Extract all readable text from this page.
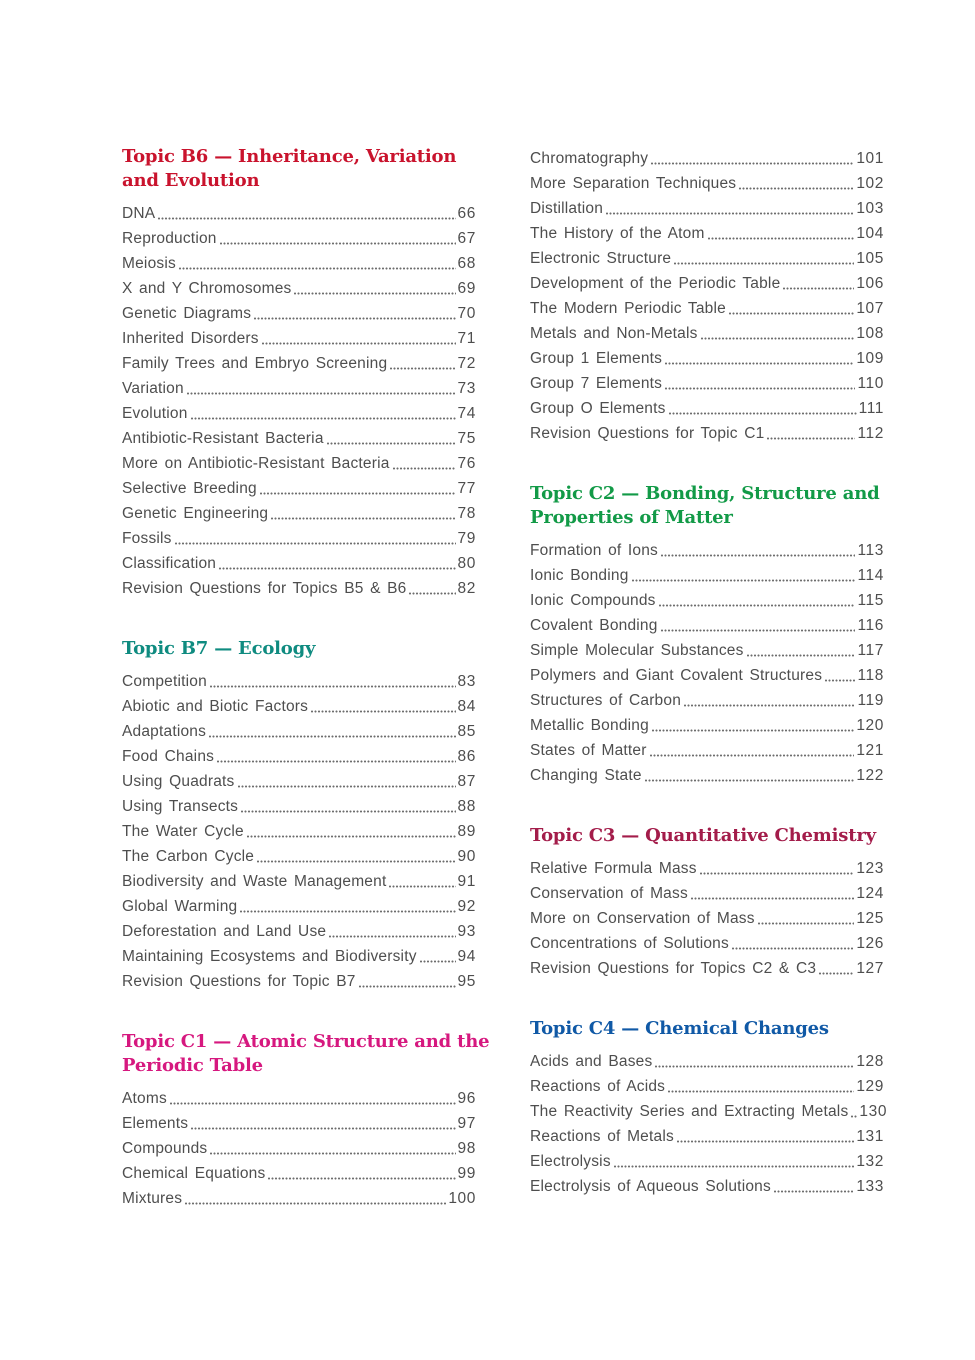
Topic B6 — Inheritance, Variation and Evolution
DNA	66
Reproduction	67
Meiosis	68
X and Y Chromosomes	69
Genetic Diagrams	70
Inherited Disorders	71
Family Trees and Embryo Screening	72
Variation	73
Evolution	74
Antibiotic-Resistant Bacteria	75
More on Antibiotic-Resistant Bacteria	76
Selective Breeding	77
Genetic Engineering	78
Fossils	79
Classification	80
Revision Questions for Topics B5 & B6	82
Topic B7 — Ecology
Competition	83
Abiotic and Biotic Factors	84
Adaptations	85
Food Chains	86
Using Quadrats	87
Using Transects	88
The Water Cycle	89
The Carbon Cycle	90
Biodiversity and Waste Management	91
Global Warming	92
Deforestation and Land Use	93
Maintaining Ecosystems and Biodiversity	94
Revision Questions for Topic B7	95
Topic C1 — Atomic Structure and the Periodic Table
Atoms	96
Elements	97
Compounds	98
Chemical Equations	99
Mixtures	100
Chromatography	101
More Separation Techniques	102
Distillation	103
The History of the Atom	104
Electronic Structure	105
Development of the Periodic Table	106
The Modern Periodic Table	107
Metals and Non-Metals	108
Group 1 Elements	109
Group 7 Elements	110
Group O Elements	111
Revision Questions for Topic C1	112
Topic C2 — Bonding, Structure and Properties of Matter
Formation of Ions	113
Ionic Bonding	114
Ionic Compounds	115
Covalent Bonding	116
Simple Molecular Substances	117
Polymers and Giant Covalent Structures 118
Structures of Carbon	119
Metallic Bonding	120
States of Matter	121
Changing State	122
Topic C3 — Quantitative Chemistry
Relative Formula Mass	123
Conservation of Mass	124
More on Conservation of Mass	125
Concentrations of Solutions	126
Revision Questions for Topics C2 & C3	127
Topic C4 — Chemical Changes
Acids and Bases	128
Reactions of Acids	129
The Reactivity Series and Extracting Metals 130
Reactions of Metals	131
Electrolysis	132
Electrolysis of Aqueous Solutions	133
